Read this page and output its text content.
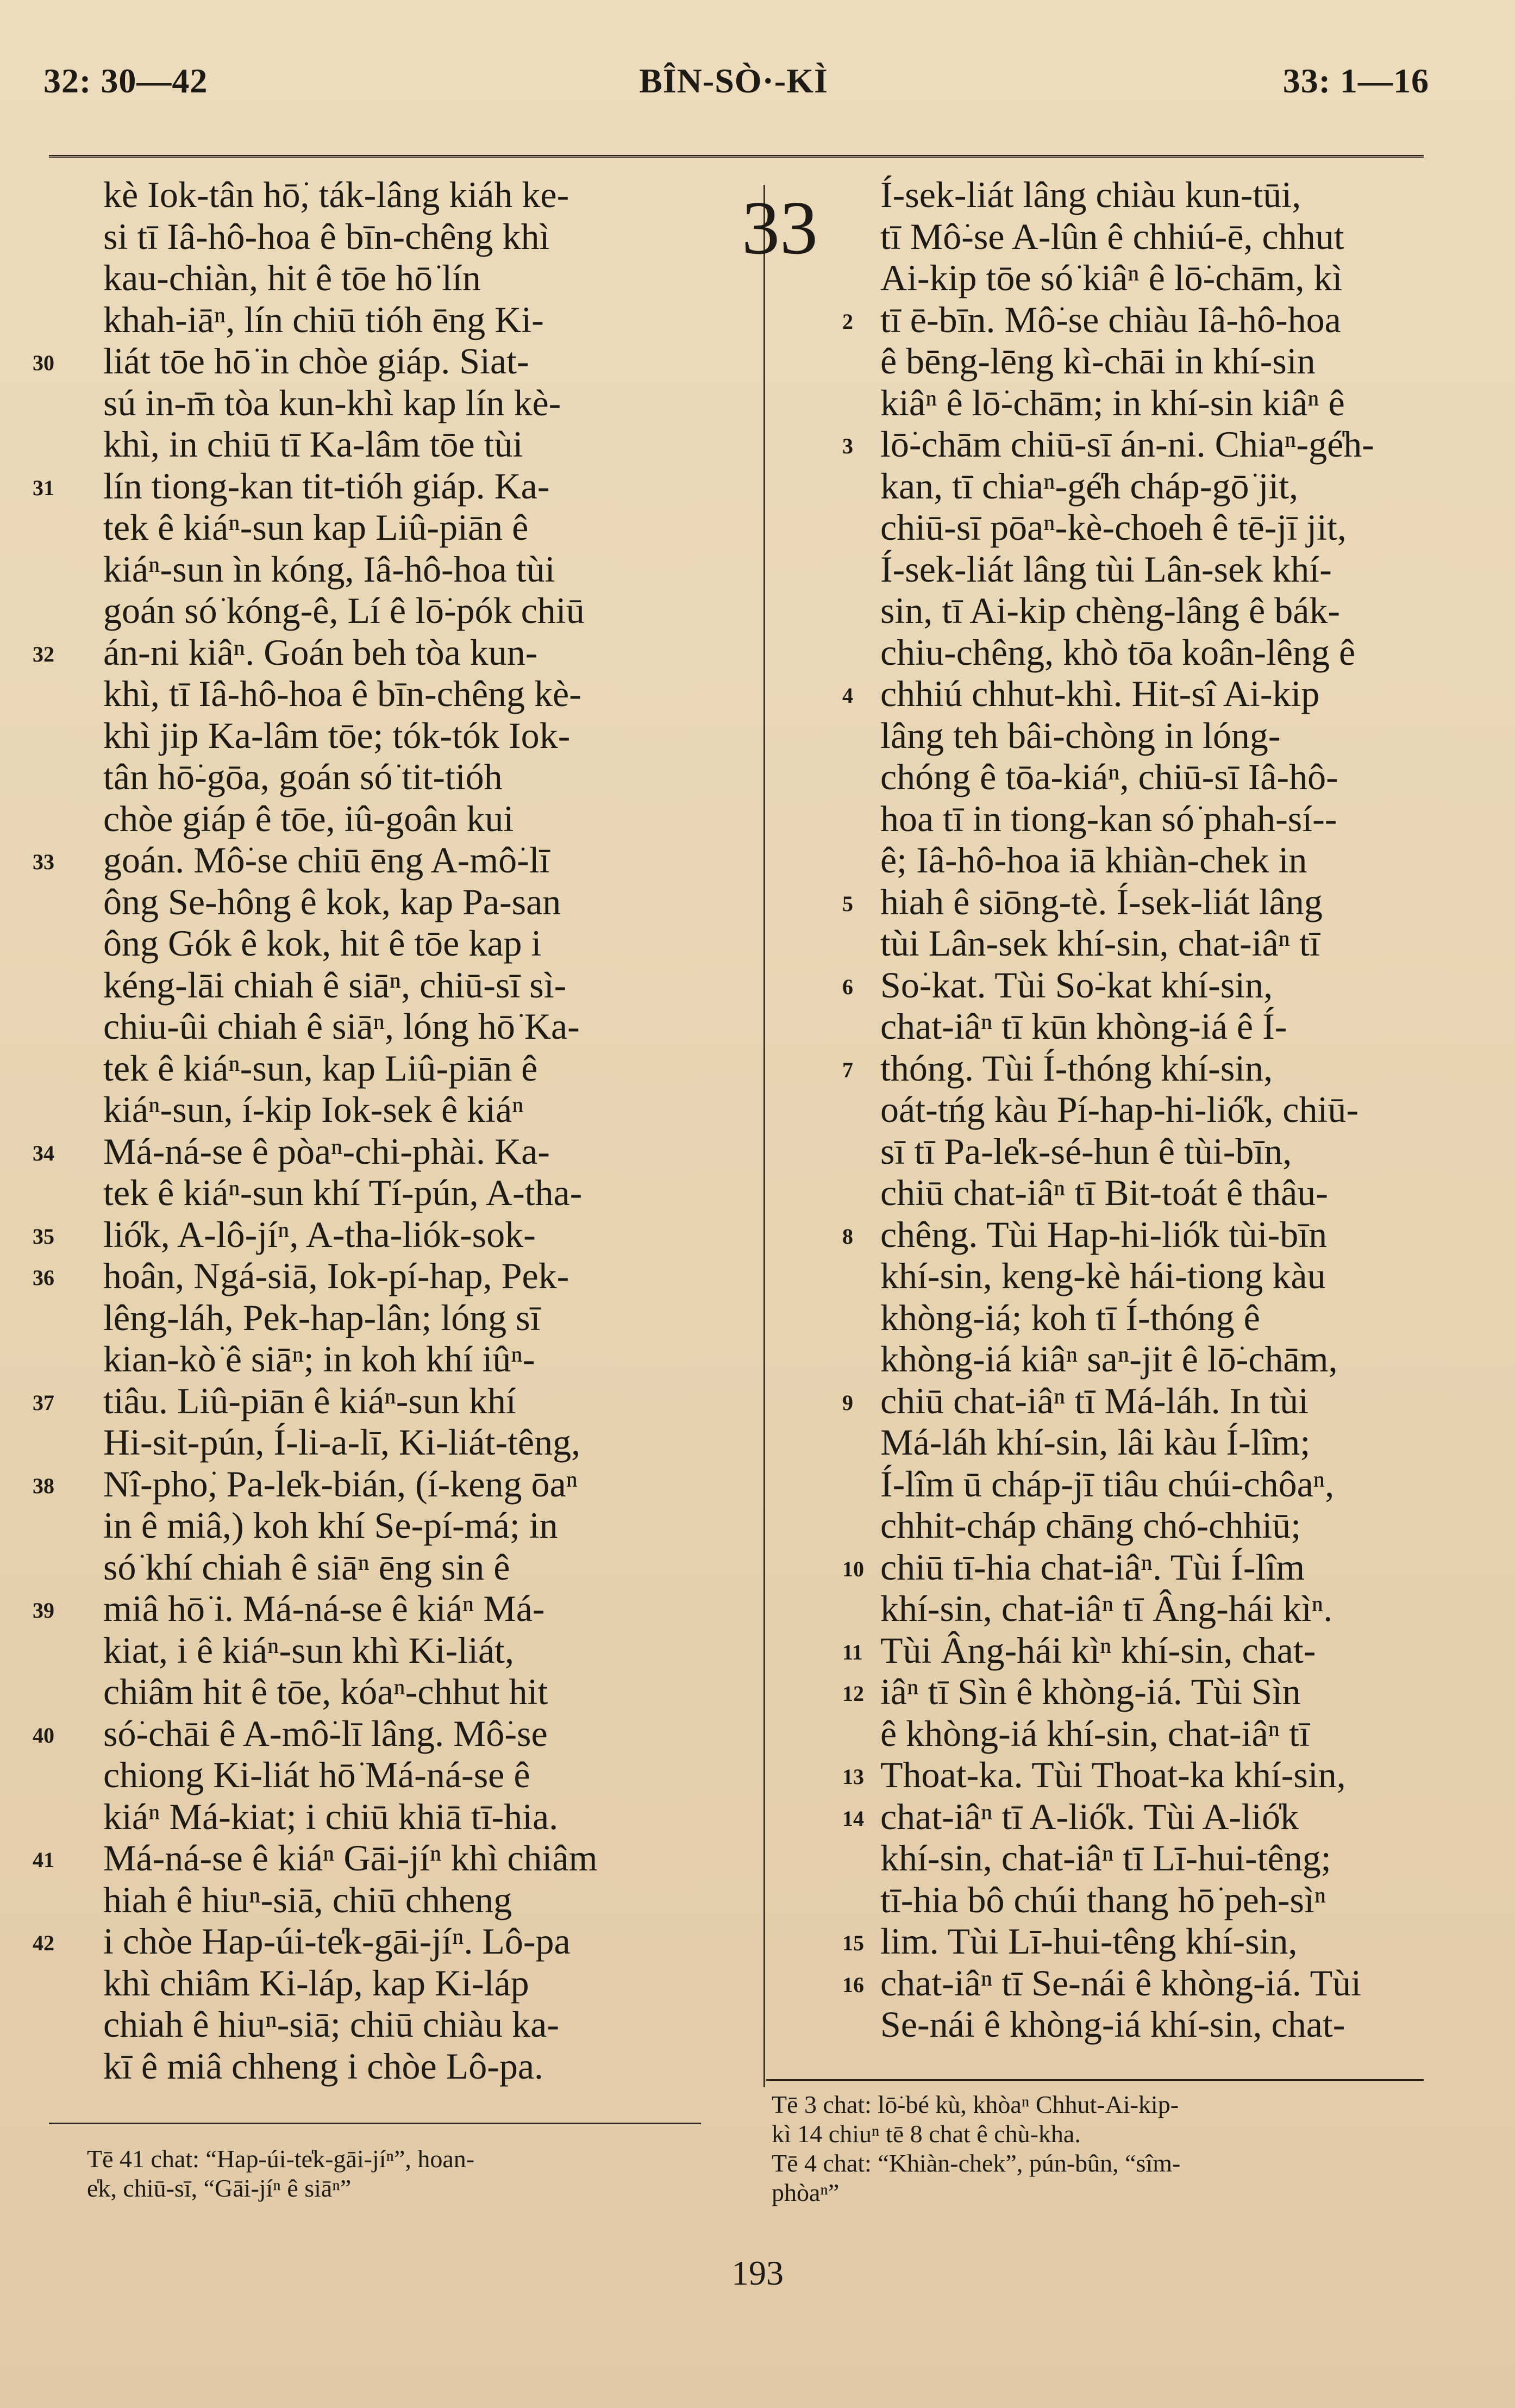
32: 30—42	BÎN-SÒ·-KÌ	33: 1—16
kè Iok-tân hō͘, ták-lâng kiáh ke-
si tī Iâ-hô-hoa ê bīn-chêng khì
kau-chiàn, hit ê tōe hō͘ lín
khah-iāⁿ, lín chiū tióh ēng Ki-
30	liát tōe hō͘ in chòe giáp. Siat-
sú in-m̄ tòa kun-khì kap lín kè-
khì, in chiū tī Ka-lâm tōe tùi
31	lín tiong-kan tit-tióh giáp. Ka-
tek ê kiáⁿ-sun kap Liû-piān ê
kiáⁿ-sun ìn kóng, Iâ-hô-hoa tùi
goán só͘ kóng-ê, Lí ê lō͘-pók chiū
32	án-ni kiâⁿ. Goán beh tòa kun-
khì, tī Iâ-hô-hoa ê bīn-chêng kè-
khì jip Ka-lâm tōe; tók-tók Iok-
tân hō͘-gōa, goán só͘ tit-tióh
chòe giáp ê tōe, iû-goân kui
33	goán. Mô͘-se chiū ēng A-mô͘-lī
ông Se-hông ê kok, kap Pa-san
ông Gók ê kok, hit ê tōe kap i
kéng-lāi chiah ê siāⁿ, chiū-sī sì-
chiu-ûi chiah ê siāⁿ, lóng hō͘ Ka-
tek ê kiáⁿ-sun, kap Liû-piān ê
kiáⁿ-sun, í-kip Iok-sek ê kiáⁿ
34	Má-ná-se ê pòaⁿ-chi-phài. Ka-
tek ê kiáⁿ-sun khí Tí-pún, A-tha-
35	lió̍k, A-lô-jíⁿ, A-tha-liók-sok-
36	hoân, Ngá-siā, Iok-pí-hap, Pek-
lêng-láh, Pek-hap-lân; lóng sī
kian-kò͘ ê siāⁿ; in koh khí iûⁿ-
37	tiâu. Liû-piān ê kiáⁿ-sun khí
Hi-sit-pún, Í-li-a-lī, Ki-liát-têng,
38	Nî-pho͘, Pa-le̍k-bián, (í-keng ōaⁿ
in ê miâ,) koh khí Se-pí-má; in
só͘ khí chiah ê siāⁿ ēng sin ê
39	miâ hō͘ i. Má-ná-se ê kiáⁿ Má-
kiat, i ê kiáⁿ-sun khì Ki-liát,
chiâm hit ê tōe, kóaⁿ-chhut hit
40	só͘-chāi ê A-mô͘-lī lâng. Mô͘-se
chiong Ki-liát hō͘ Má-ná-se ê
kiáⁿ Má-kiat; i chiū khiā tī-hia.
41	Má-ná-se ê kiáⁿ Gāi-jíⁿ khì chiâm
hiah ê hiuⁿ-siā, chiū chheng
42	i chòe Hap-úi-te̍k-gāi-jíⁿ. Lô-pa
khì chiâm Ki-láp, kap Ki-láp
chiah ê hiuⁿ-siā; chiū chiàu ka-
kī ê miâ chheng i chòe Lô-pa.
33 Í-sek-liát lâng chiàu kun-tūi,
tī Mô͘-se A-lûn ê chhiú-ē, chhut
Ai-kip tōe só͘ kiâⁿ ê lō͘-chām, kì
2 tī ē-bīn. Mô͘-se chiàu Iâ-hô-hoa
ê bēng-lēng kì-chāi in khí-sin
kiâⁿ ê lō͘-chām; in khí-sin kiâⁿ ê
3 lō͘-chām chiū-sī án-ni. Chiaⁿ-gé̍h-
kan, tī chiaⁿ-gé̍h cháp-gō͘ jit,
chiū-sī pōaⁿ-kè-choeh ê tē-jī jit,
Í-sek-liát lâng tùi Lân-sek khí-
sin, tī Ai-kip chèng-lâng ê bák-
chiu-chêng, khò tōa koân-lêng ê
4 chhiú chhut-khì. Hit-sî Ai-kip
lâng teh bâi-chòng in lóng-
chóng ê tōa-kiáⁿ, chiū-sī Iâ-hô-
hoa tī in tiong-kan só͘ phah-sí--
ê; Iâ-hô-hoa iā khiàn-chek in
5 hiah ê siōng-tè. Í-sek-liát lâng
tùi Lân-sek khí-sin, chat-iâⁿ tī
6 So͘-kat. Tùi So͘-kat khí-sin,
chat-iâⁿ tī kūn khòng-iá ê Í-
7 thóng. Tùi Í-thóng khí-sin,
oát-tńg kàu Pí-hap-hi-lió̍k, chiū-
sī tī Pa-le̍k-sé-hun ê tùi-bīn,
chiū chat-iâⁿ tī Bit-toát ê thâu-
8 chêng. Tùi Hap-hi-lió̍k tùi-bīn
khí-sin, keng-kè hái-tiong kàu
khòng-iá; koh tī Í-thóng ê
khòng-iá kiâⁿ saⁿ-jit ê lō͘-chām,
9 chiū chat-iâⁿ tī Má-láh. In tùi
Má-láh khí-sin, lâi kàu Í-lîm;
Í-lîm ū cháp-jī tiâu chúi-chôaⁿ,
chhit-cháp chāng chó-chhiū;
10 chiū tī-hia chat-iâⁿ. Tùi Í-lîm
khí-sin, chat-iâⁿ tī Âng-hái kìⁿ.
11 Tùi Âng-hái kìⁿ khí-sin, chat-
12 iâⁿ tī Sìn ê khòng-iá. Tùi Sìn
ê khòng-iá khí-sin, chat-iâⁿ tī
13 Thoat-ka. Tùi Thoat-ka khí-sin,
14 chat-iâⁿ tī A-lió̍k. Tùi A-lió̍k
khí-sin, chat-iâⁿ tī Lī-hui-têng;
tī-hia bô chúi thang hō͘ peh-sìⁿ
15 lim. Tùi Lī-hui-têng khí-sin,
16 chat-iâⁿ tī Se-nái ê khòng-iá. Tùi
Se-nái ê khòng-iá khí-sin, chat-
Tē 41 chat: “Hap-úi-te̍k-gāi-jíⁿ”, hoan-
e̍k, chiū-sī, “Gāi-jíⁿ ê siāⁿ”
Tē 3 chat: lō͘-bé kù, khòaⁿ Chhut-Ai-kip-
kì 14 chiuⁿ tē 8 chat ê chù-kha.
Tē 4 chat: “Khiàn-chek”, pún-bûn, “sîm-
phòaⁿ”
193
